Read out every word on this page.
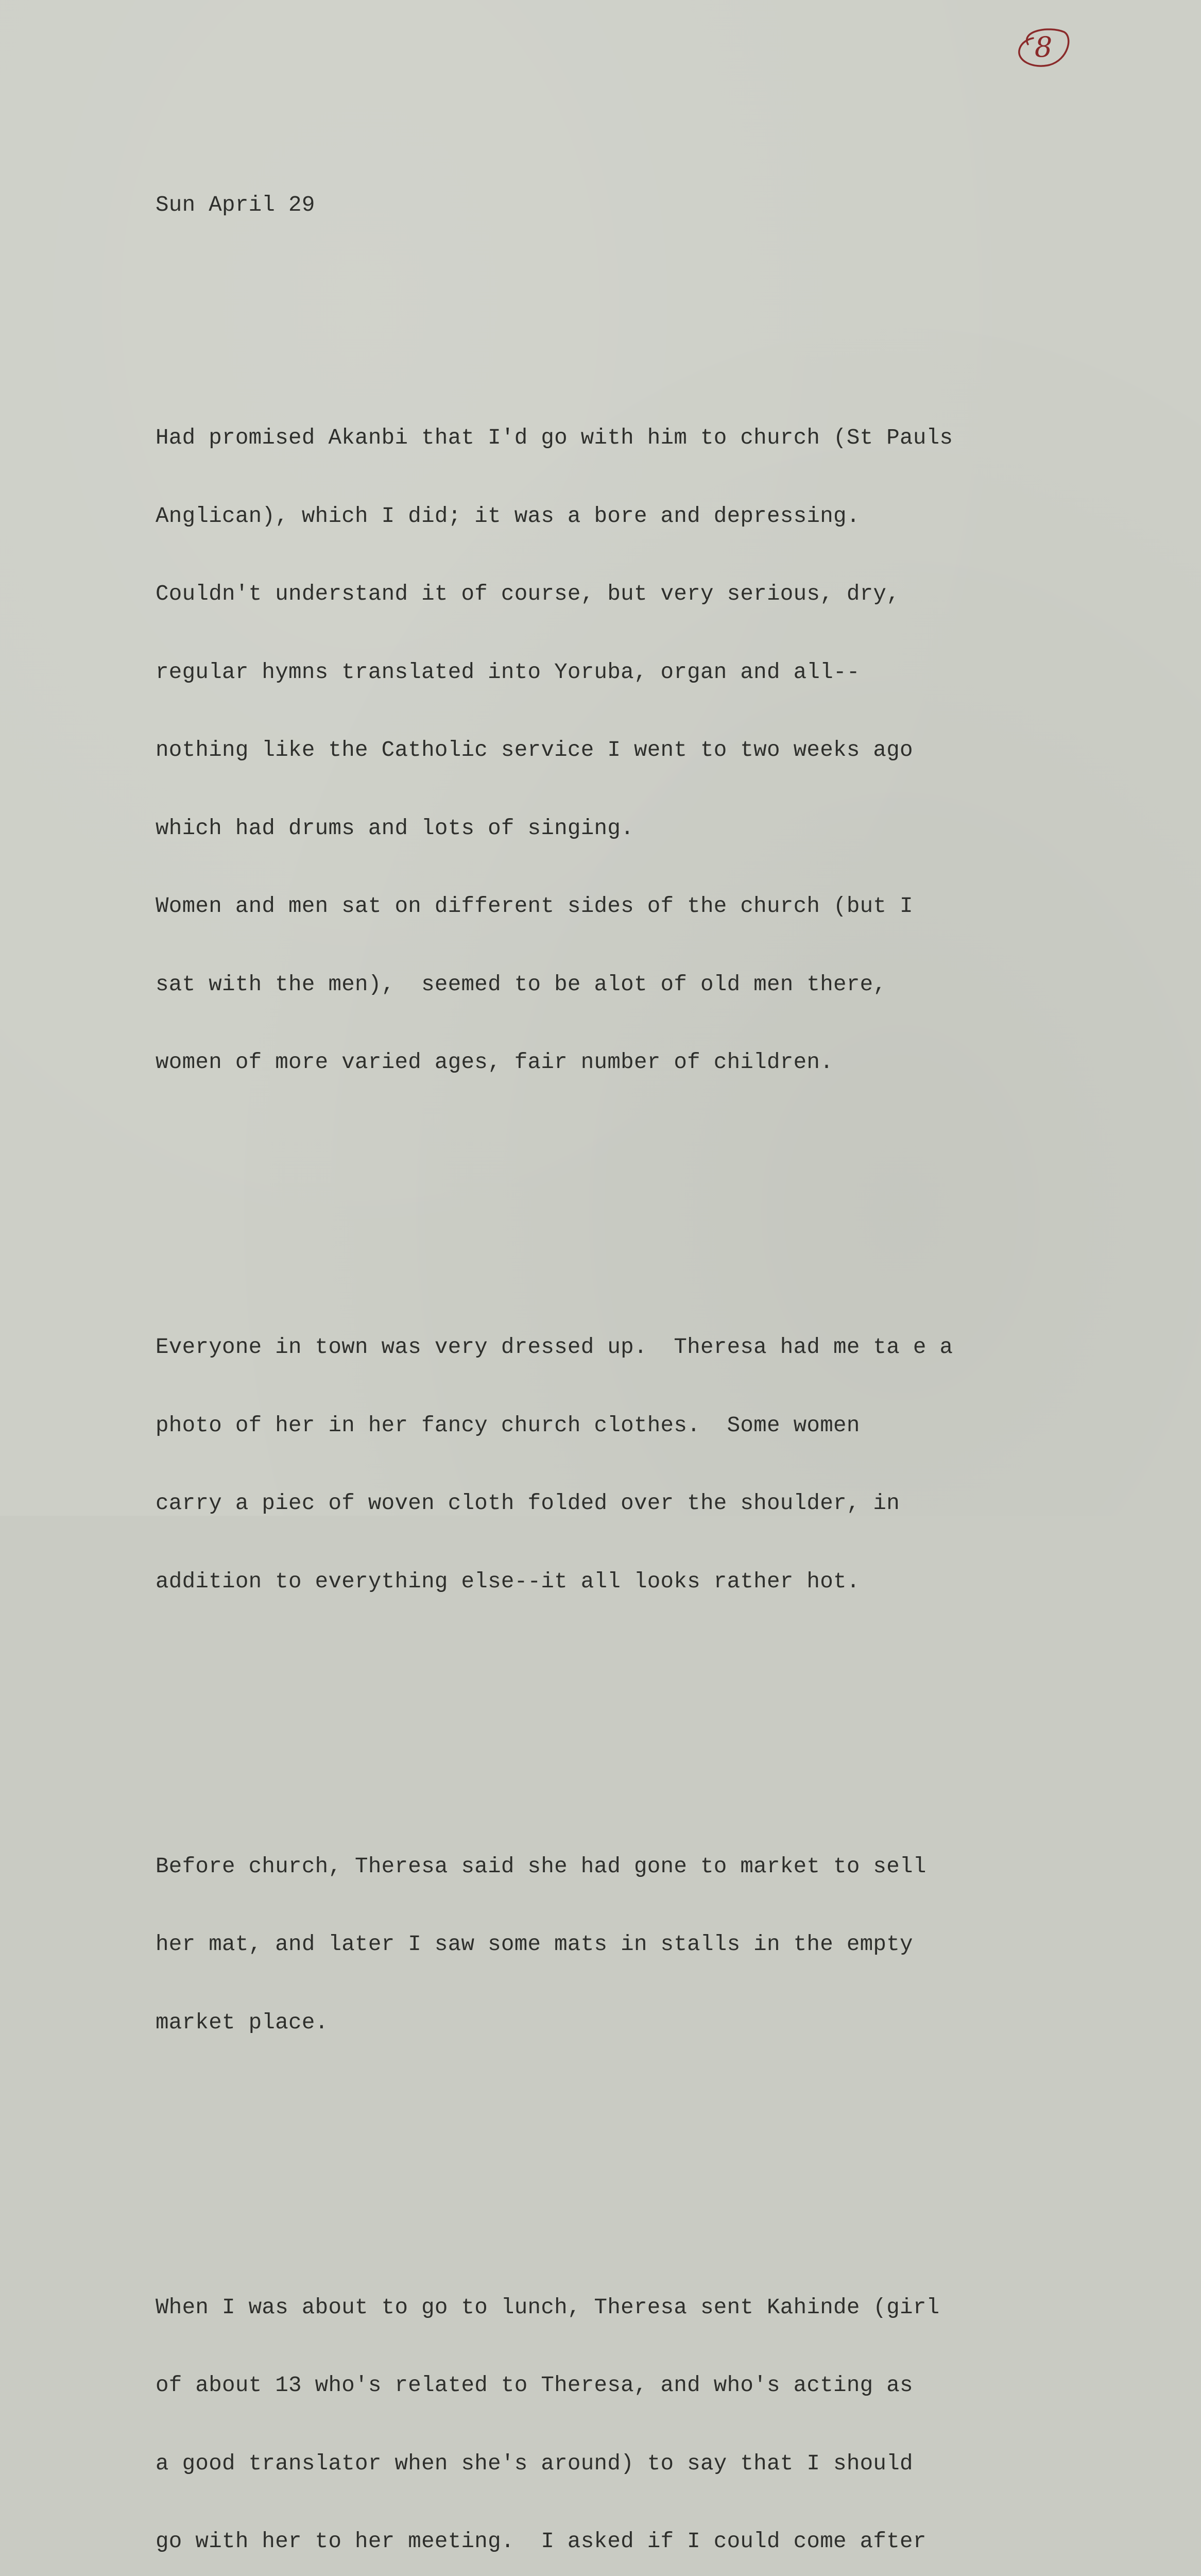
8

Sun April 29

Had promised Akanbi that I'd go with him to church (St Pauls

Anglican), which I did; it was a bore and depressing.

Couldn't understand it of course, but very serious, dry,

regular hymns translated into Yoruba, organ and all--

nothing like the Catholic service I went to two weeks ago

which had drums and lots of singing.

Women and men sat on different sides of the church (but I

sat with the men),  seemed to be alot of old men there,

women of more varied ages, fair number of children.

Everyone in town was very dressed up.  Theresa had me ta e a

photo of her in her fancy church clothes.  Some women

carry a piec of woven cloth folded over the shoulder, in

addition to everything else--it all looks rather hot.

Before church, Theresa said she had gone to market to sell

her mat, and later I saw some mats in stalls in the empty

market place.

When I was about to go to lunch, Theresa sent Kahinde (girl

of about 13 who's related to Theresa, and who's acting as

a good translator when she's around) to say that I should

go with her to her meeting.  I asked if I could come after
